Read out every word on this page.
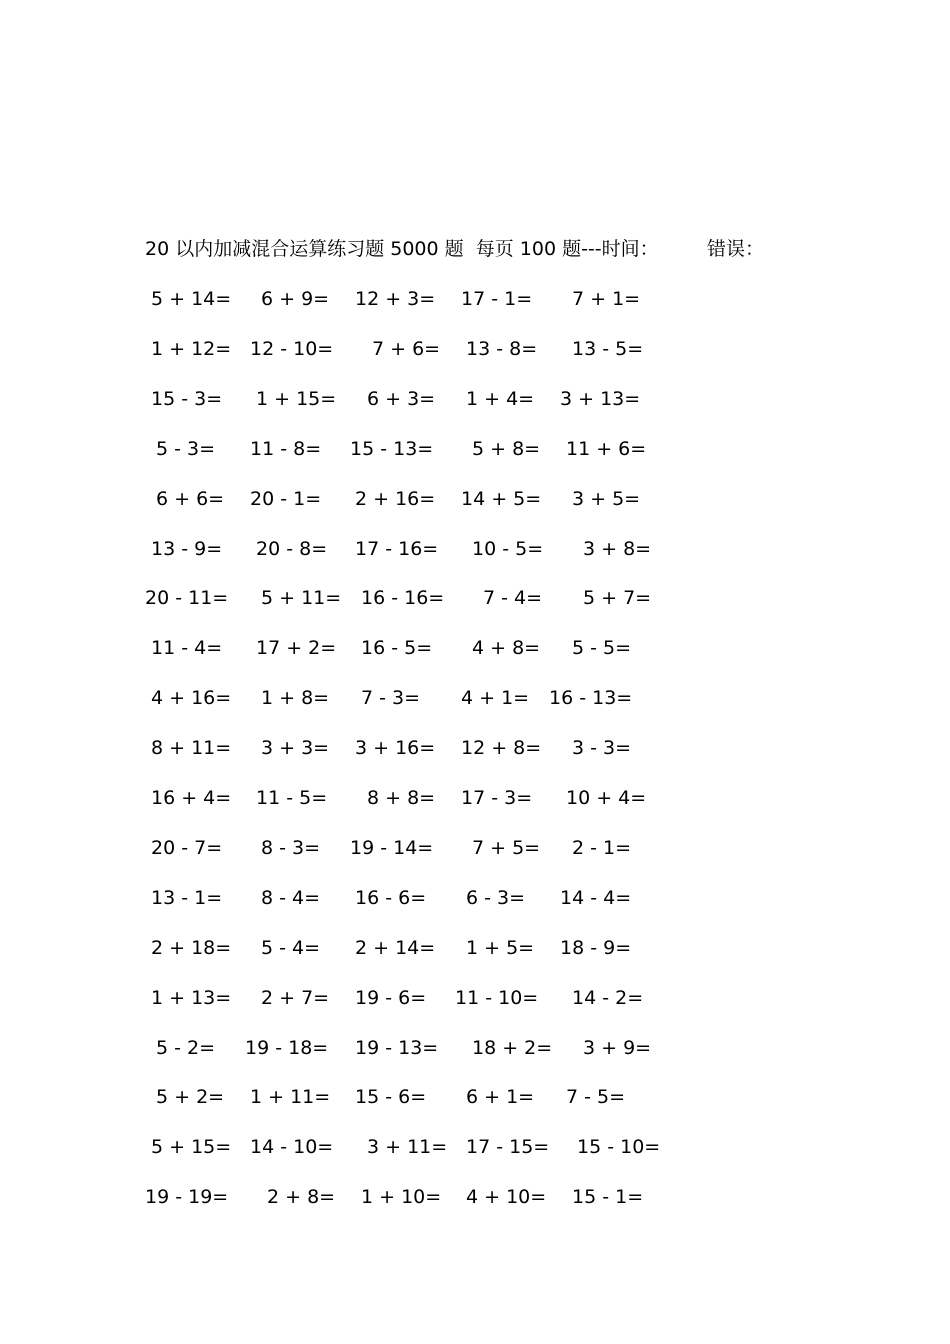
20 以内加减混合运算练习题 5000 题  每页 100 题---时间：        错误：
5 + 14= 6 + 9= 12 + 3= 17 - 1= 7 + 1=
1 + 12= 12 - 10= 7 + 6= 13 - 8= 13 - 5=
15 - 3= 1 + 15= 6 + 3= 1 + 4= 3 + 13=
5 - 3= 11 - 8= 15 - 13= 5 + 8= 11 + 6=
6 + 6= 20 - 1= 2 + 16= 14 + 5= 3 + 5=
13 - 9= 20 - 8= 17 - 16= 10 - 5= 3 + 8=
20 - 11= 5 + 11= 16 - 16= 7 - 4= 5 + 7=
11 - 4= 17 + 2= 16 - 5= 4 + 8= 5 - 5=
4 + 16= 1 + 8= 7 - 3= 4 + 1= 16 - 13=
8 + 11= 3 + 3= 3 + 16= 12 + 8= 3 - 3=
16 + 4= 11 - 5= 8 + 8= 17 - 3= 10 + 4=
20 - 7= 8 - 3= 19 - 14= 7 + 5= 2 - 1=
13 - 1= 8 - 4= 16 - 6= 6 - 3= 14 - 4=
2 + 18= 5 - 4= 2 + 14= 1 + 5= 18 - 9=
1 + 13= 2 + 7= 19 - 6= 11 - 10= 14 - 2=
5 - 2= 19 - 18= 19 - 13= 18 + 2= 3 + 9=
5 + 2= 1 + 11= 15 - 6= 6 + 1= 7 - 5=
5 + 15= 14 - 10= 3 + 11= 17 - 15= 15 - 10=
19 - 19= 2 + 8= 1 + 10= 4 + 10= 15 - 1=
